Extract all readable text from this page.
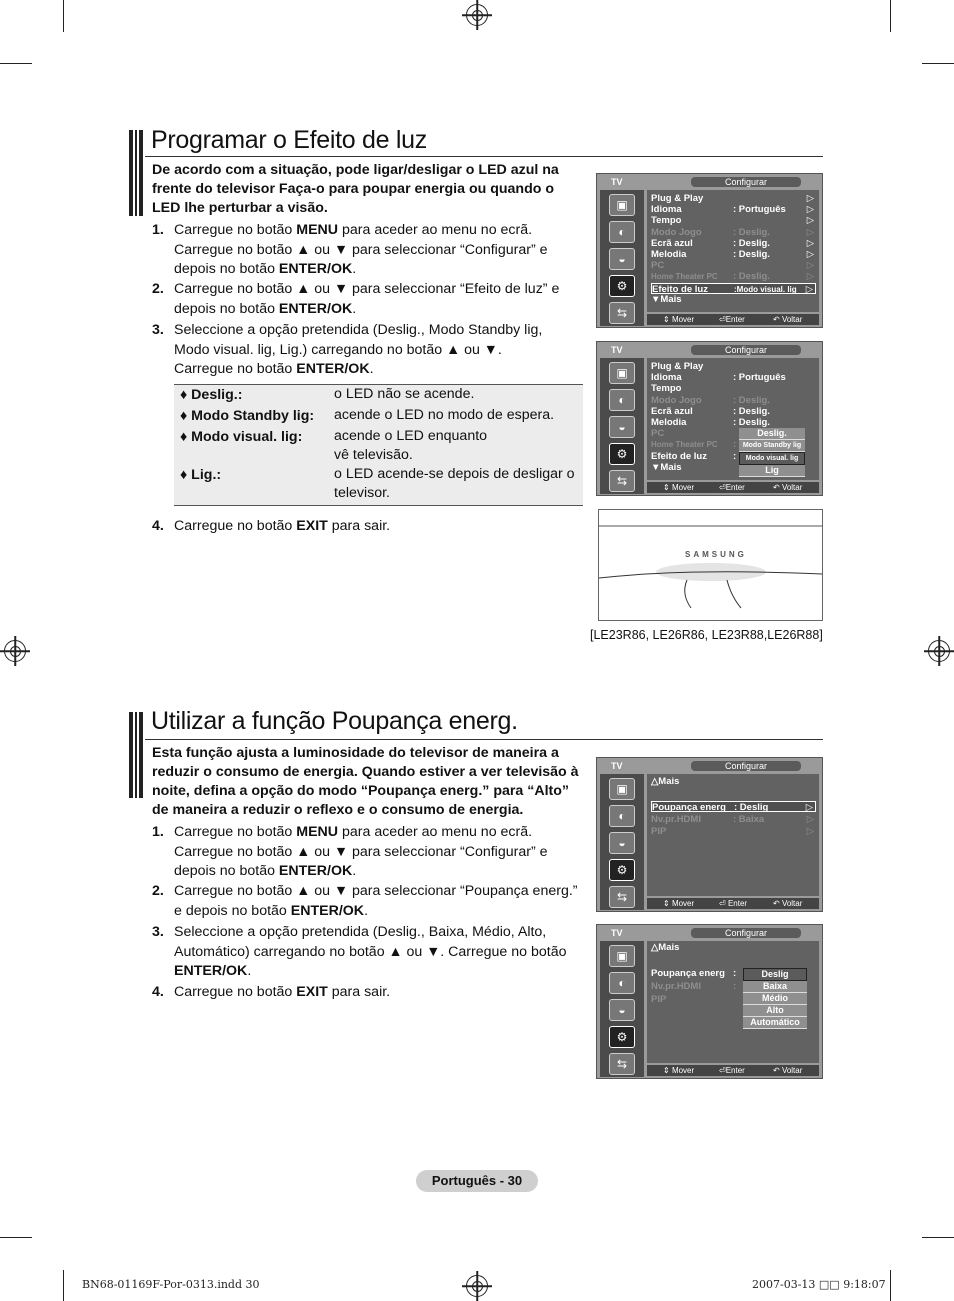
Programar o Efeito de luz
De acordo com a situação, pode ligar/desligar o LED azul na
frente do televisor Faça-o para poupar energia ou quando o
LED lhe perturbar a visão.
1. Carregue no botão MENU para aceder ao menu no ecrã.
Carregue no botão ▲ ou ▼ para seleccionar “Configurar” e
depois no botão ENTER/OK.
2. Carregue no botão ▲ ou ▼ para seleccionar “Efeito de luz” e
depois no botão ENTER/OK.
3. Seleccione a opção pretendida (Deslig., Modo Standby lig,
Modo visual. lig, Lig.) carregando no botão ▲ ou ▼.
Carregue no botão ENTER/OK.
♦ Deslig.:	o LED não se acende.
♦ Modo Standby lig: acende o LED no modo de espera.
♦ Modo visual. lig: acende o LED enquanto
vê televisão.
♦ Lig.:	o LED acende-se depois de desligar o
televisor.
4. Carregue no botão EXIT para sair.
TV	Configurar
▣
◐
◒
⚙
⇆	⇕ Mover	⏎Enter	↶ Voltar
Plug & Play	▷
Idioma	: Português ▷
Tempo	▷
Modo Jogo	: Deslig.	▷
Ecrã azul	: Deslig.	▷
Melodia	: Deslig.	▷
PC	▷
Home Theater PC : Deslig.	▷
Efeito de luz	:Modo visual. lig ▷
▼Mais
TV	Configurar
▣
◐
◒
⚙
⇆
Deslig.
Modo Standby lig
Modo visual. lig
Lig
⇕ Mover	⏎Enter	↶ Voltar
Plug & Play
Idioma	: Português
Tempo
Modo Jogo	: Deslig.
Ecrã azul	: Deslig.
Melodia	: Deslig.
PC
Home Theater PC :
Efeito de luz	:
▼Mais
SAMSUNG
[LE23R86, LE26R86, LE23R88,LE26R88]
Utilizar a função Poupança energ.
Esta função ajusta a luminosidade do televisor de maneira a
reduzir o consumo de energia. Quando estiver a ver televisão à
noite, defina a opção do modo “Poupança energ.” para “Alto”
de maneira a reduzir o reflexo e o consumo de energia.
1. Carregue no botão MENU para aceder ao menu no ecrã.
Carregue no botão ▲ ou ▼ para seleccionar “Configurar” e
depois no botão ENTER/OK.
2. Carregue no botão ▲ ou ▼ para seleccionar “Poupança energ.”
e depois no botão ENTER/OK.
3. Seleccione a opção pretendida (Deslig., Baixa, Médio, Alto,
Automático) carregando no botão ▲ ou ▼. Carregue no botão
ENTER/OK.
4. Carregue no botão EXIT para sair.
TV	Configurar
▣
◐
◒
⚙
⇆	⇕ Mover	⏎ Enter	↶ Voltar
△Mais
Poupança energ : Deslig	▷
Nv.pr.HDMI	: Baixa	▷
PIP	▷
TV	Configurar
▣
◐
◒
⚙
⇆
Deslig
Baixa
Médio
Alto
Automático
⇕ Mover	⏎Enter	↶ Voltar
△Mais
Poupança energ :
Nv.pr.HDMI	:
PIP
Português - 30
BN68-01169F-Por-0313.indd 30	2007-03-13 □□ 9:18:07
